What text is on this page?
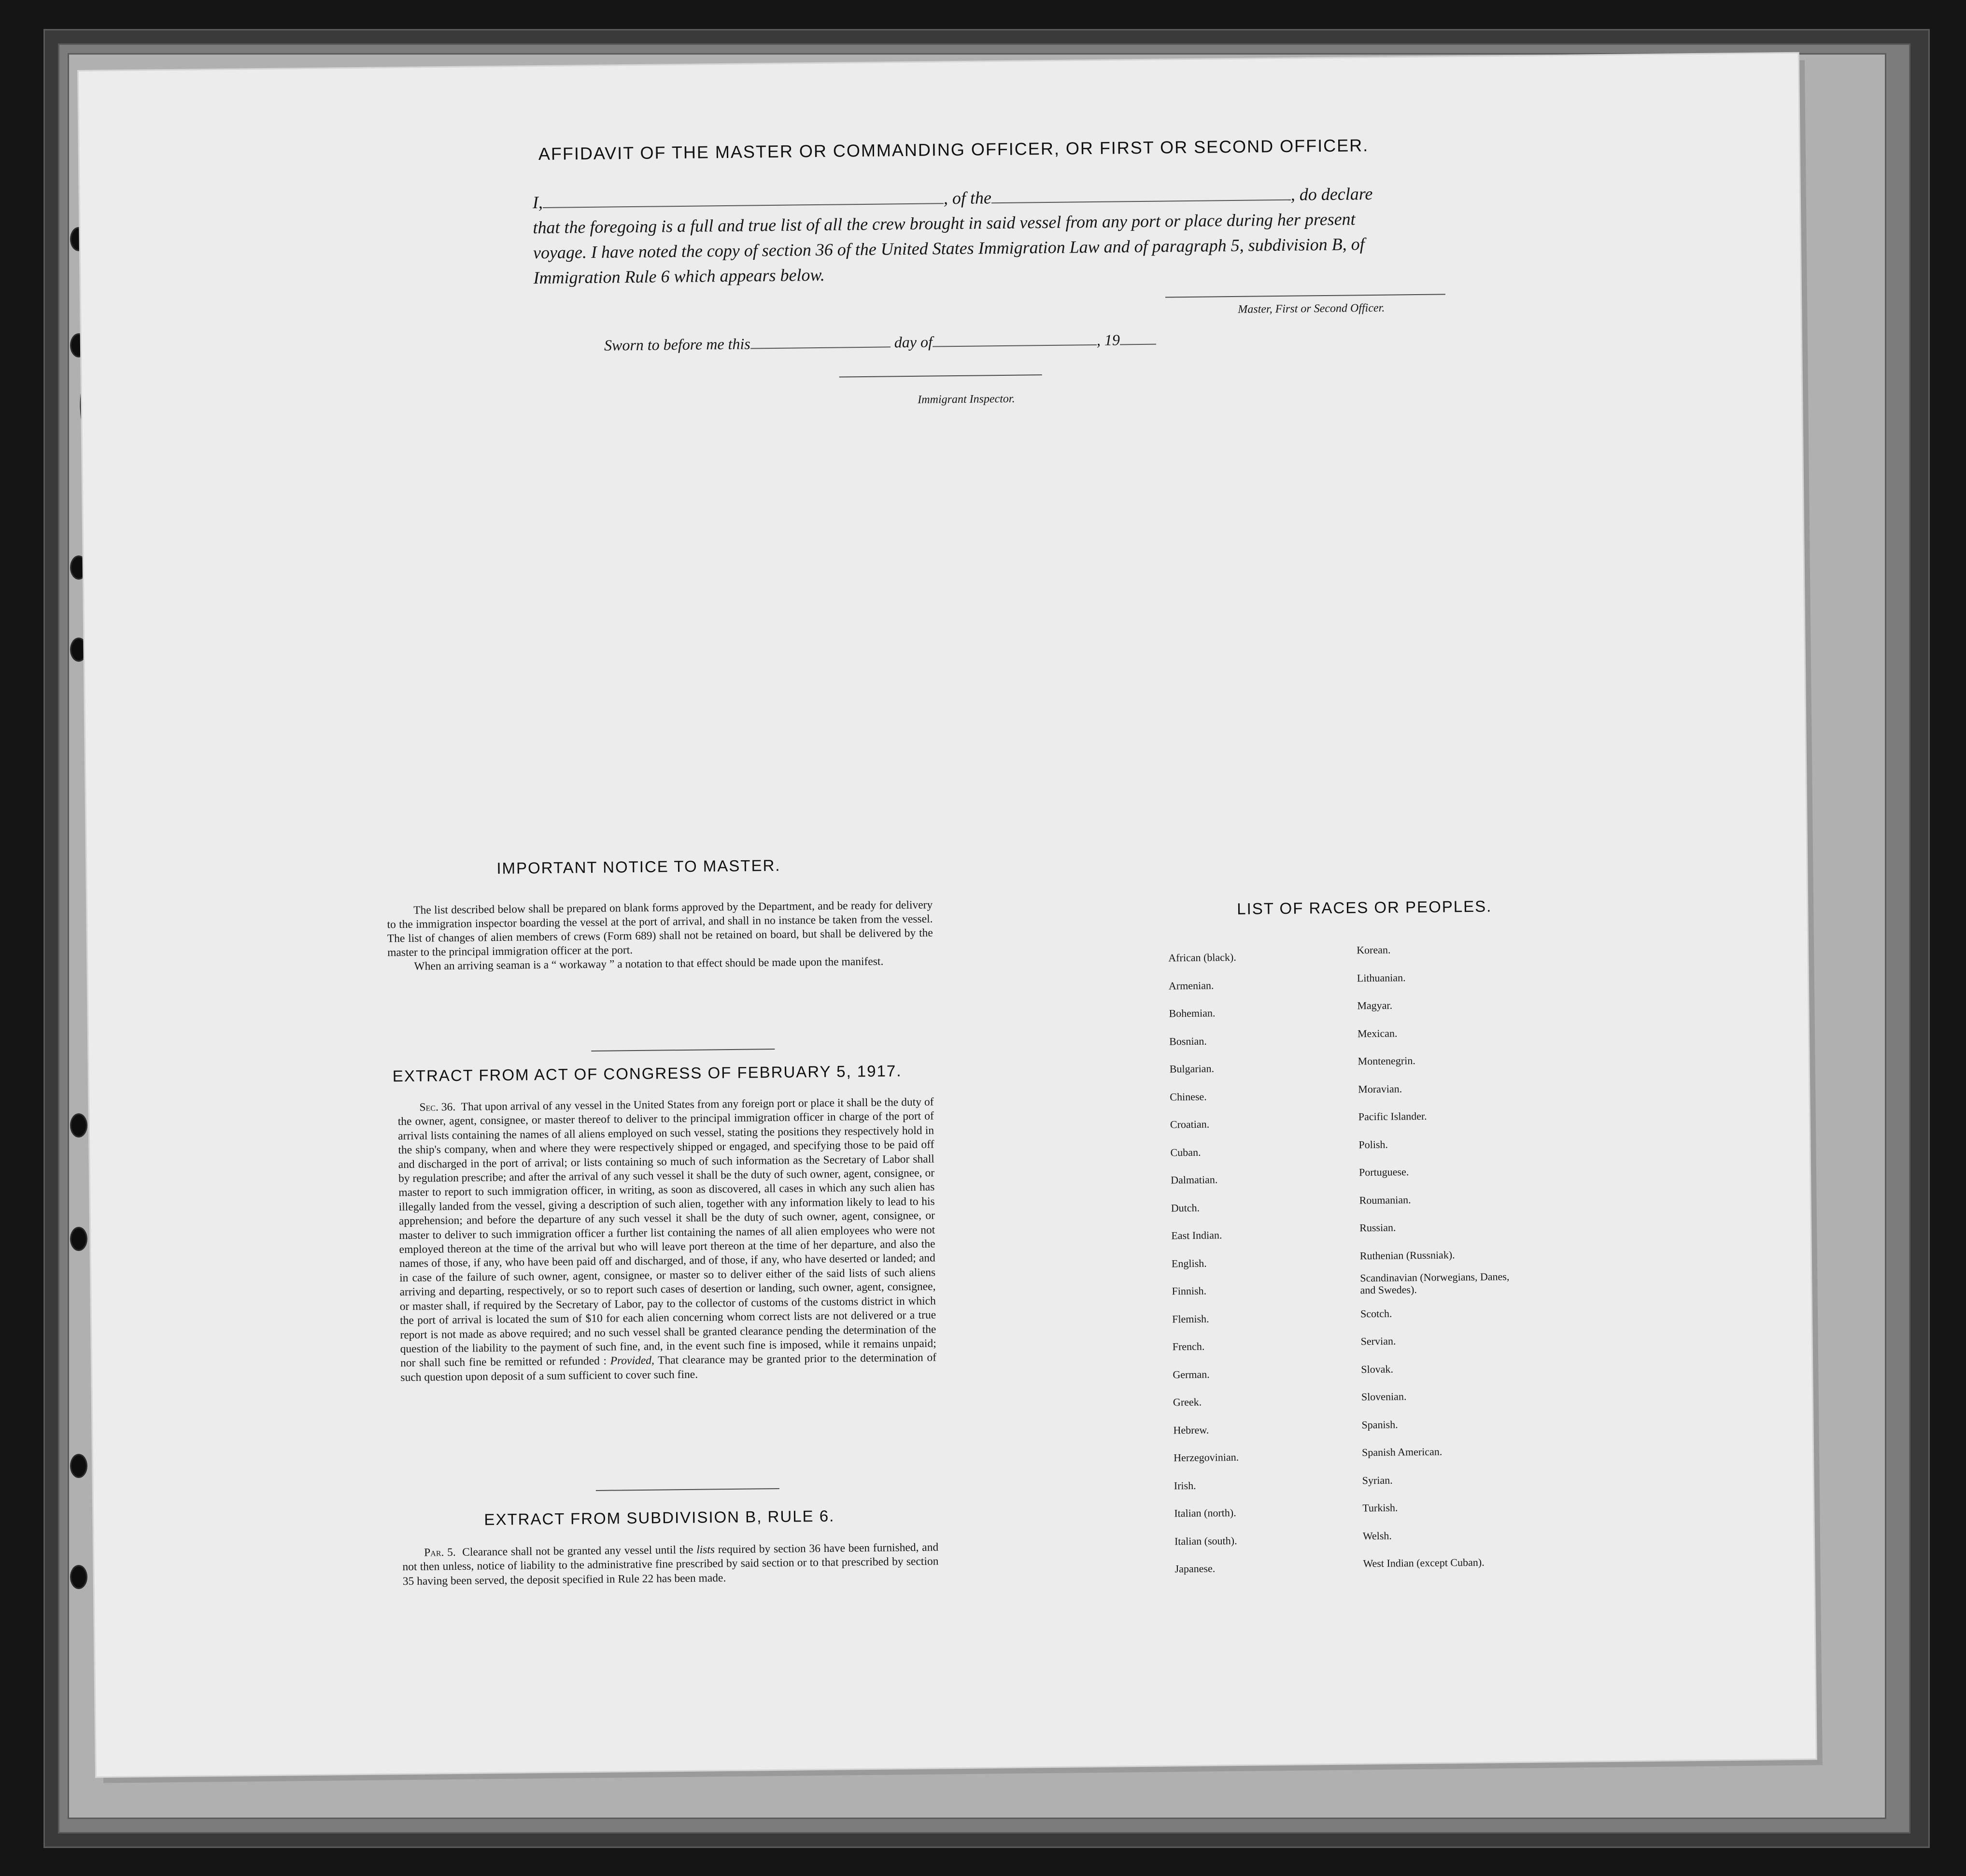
AFFIDAVIT OF THE MASTER OR COMMANDING OFFICER, OR FIRST OR SECOND OFFICER.
I,	, of the	, do declare
that the foregoing is a full and true list of all the crew brought in said vessel from any port or place during her present
voyage. I have noted the copy of section 36 of the United States Immigration Law and of paragraph 5, subdivision B, of
Immigration Rule 6 which appears below.
Master, First or Second Officer.
Sworn to before me this	day of	, 19
Immigrant Inspector.
IMPORTANT NOTICE TO MASTER.

The list described below shall be prepared on blank forms approved by the Department, and be ready for delivery to the immigration inspector boarding the vessel at the port of arrival, and shall in no instance be taken from the vessel. The list of changes of alien members of crews (Form 689) shall not be retained on board, but shall be delivered by the master to the principal immigration officer at the port.

When an arriving seaman is a “ workaway ” a notation to that effect should be made upon the manifest.

EXTRACT FROM ACT OF CONGRESS OF FEBRUARY 5, 1917.
Sec. 36. That upon arrival of any vessel in the United States from any foreign port or place it shall be the duty of the owner, agent, consignee, or master thereof to deliver to the principal immigration officer in charge of the port of arrival lists containing the names of all aliens employed on such vessel, stating the positions they respectively hold in the ship's company, when and where they were respectively shipped or engaged, and specifying those to be paid off and discharged in the port of arrival; or lists containing so much of such information as the Secretary of Labor shall by regulation prescribe; and after the arrival of any such vessel it shall be the duty of such owner, agent, consignee, or master to report to such immigration officer, in writing, as soon as discovered, all cases in which any such alien has illegally landed from the vessel, giving a description of such alien, together with any information likely to lead to his apprehension; and before the departure of any such vessel it shall be the duty of such owner, agent, consignee, or master to deliver to such immigration officer a further list containing the names of all alien employees who were not employed thereon at the time of the arrival but who will leave port thereon at the time of her departure, and also the names of those, if any, who have been paid off and discharged, and of those, if any, who have deserted or landed; and in case of the failure of such owner, agent, consignee, or master so to deliver either of the said lists of such aliens arriving and departing, respectively, or so to report such cases of desertion or landing, such owner, agent, consignee, or master shall, if required by the Secretary of Labor, pay to the collector of customs of the customs district in which the port of arrival is located the sum of $10 for each alien concerning whom correct lists are not delivered or a true report is not made as above required; and no such vessel shall be granted clearance pending the determination of the question of the liability to the payment of such fine, and, in the event such fine is imposed, while it remains unpaid; nor shall such fine be remitted or refunded : Provided, That clearance may be granted prior to the determination of such question upon deposit of a sum sufficient to cover such fine.
EXTRACT FROM SUBDIVISION B, RULE 6.
Par. 5. Clearance shall not be granted any vessel until the lists required by section 36 have been furnished, and not then unless, notice of liability to the administrative fine prescribed by said section or to that prescribed by section 35 having been served, the deposit specified in Rule 22 has been made.
LIST OF RACES OR PEOPLES.
African (black).
Armenian.
Bohemian.
Bosnian.
Bulgarian.
Chinese.
Croatian.
Cuban.
Dalmatian.
Dutch.
East Indian.
English.
Finnish.
Flemish.
French.
German.
Greek.
Hebrew.
Herzegovinian.
Irish.
Italian (north).
Italian (south).
Japanese.
Korean.
Lithuanian.
Magyar.
Mexican.
Montenegrin.
Moravian.
Pacific Islander.
Polish.
Portuguese.
Roumanian.
Russian.
Ruthenian (Russniak).
Scandinavian (Norwegians, Danes, and Swedes).
Scotch.
Servian.
Slovak.
Slovenian.
Spanish.
Spanish American.
Syrian.
Turkish.
Welsh.
West Indian (except Cuban).
